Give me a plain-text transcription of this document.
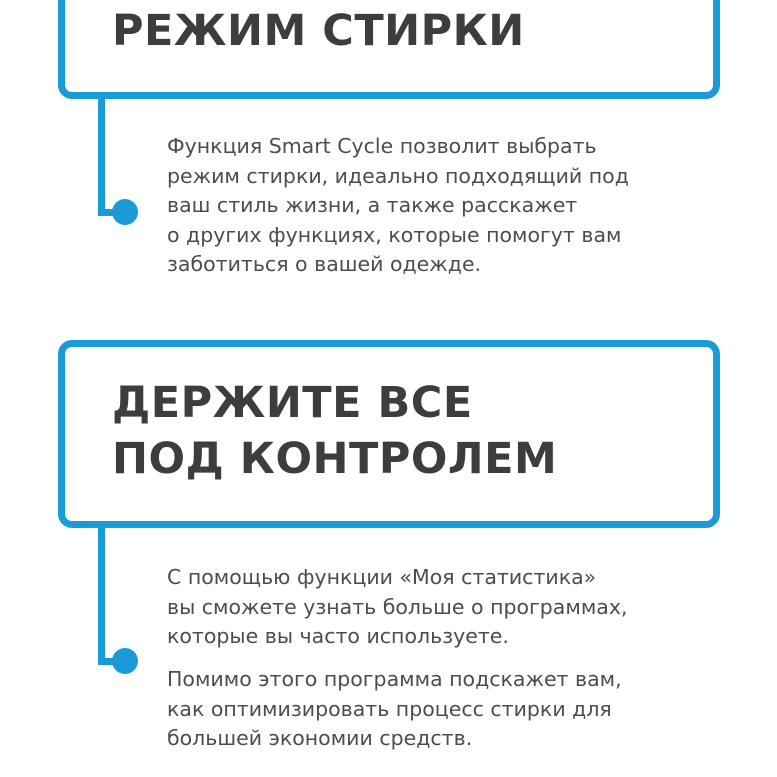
РЕЖИМ СТИРКИ

Функция Smart Cycle позволит выбрать
режим стирки, идеально подходящий под
ваш стиль жизни, а также расскажет
о других функциях, которые помогут вам
заботиться о вашей одежде.

ДЕРЖИТЕ ВСЕ
ПОД КОНТРОЛЕМ

С помощью функции «Моя статистика»
вы сможете узнать больше о программах,
которые вы часто используете.

Помимо этого программа подскажет вам,
как оптимизировать процесс стирки для
большей экономии средств.
